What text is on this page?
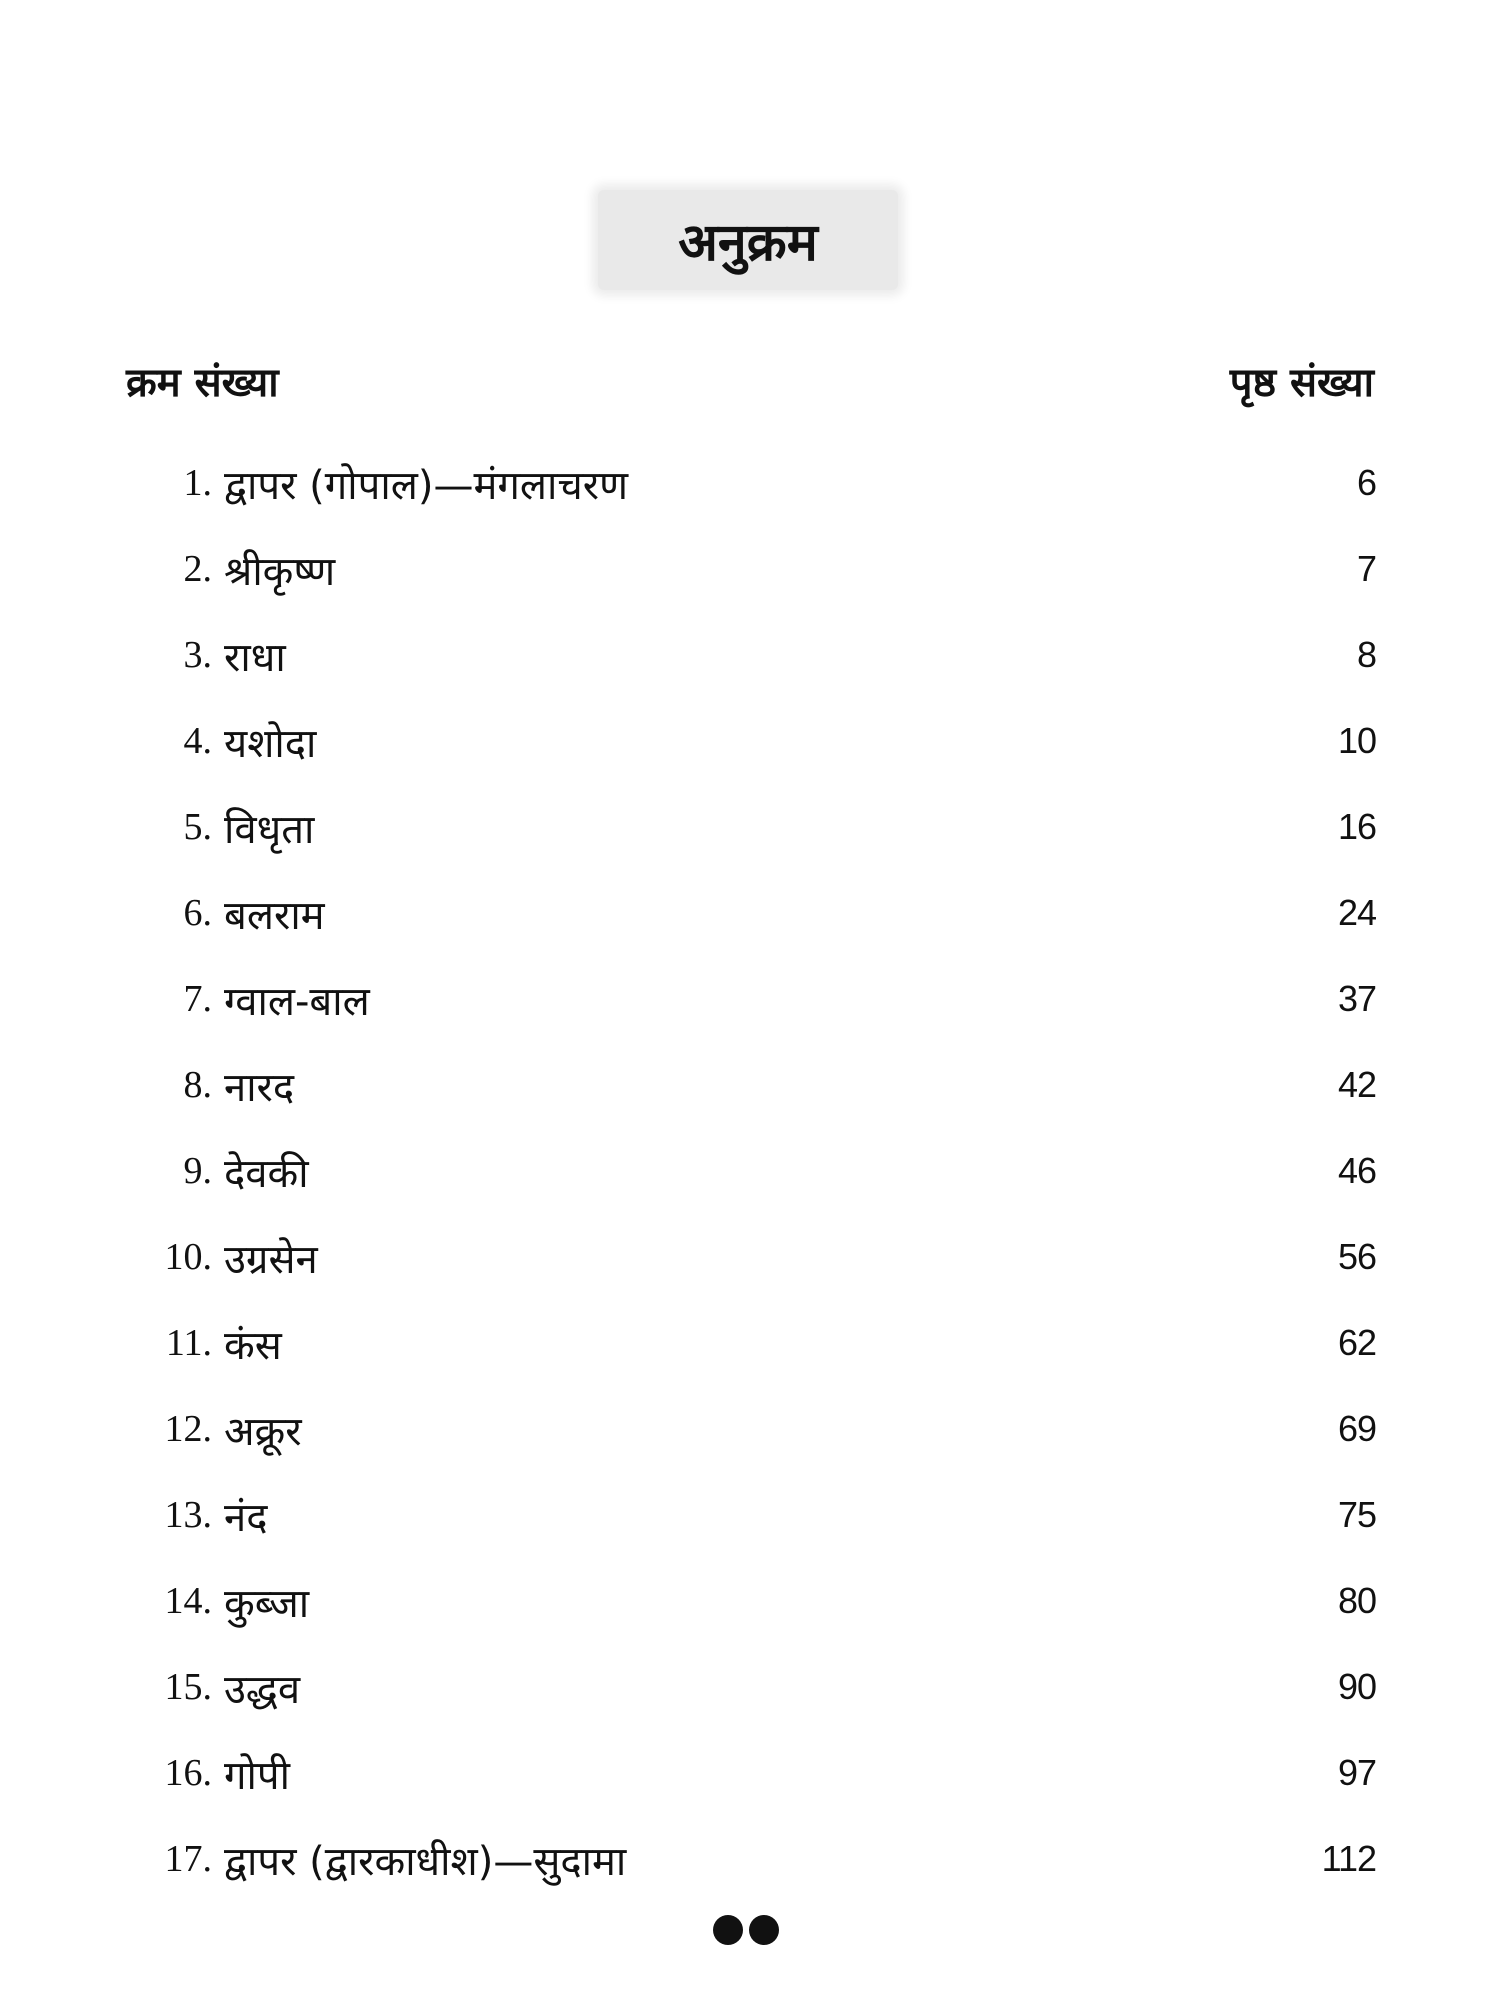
अनुक्रम
क्रम संख्या	पृष्ठ संख्या
1. द्वापर (गोपाल)—मंगलाचरण	6
2. श्रीकृष्ण	7
3. राधा	8
4. यशोदा	10
5. विधृता	16
6. बलराम	24
7. ग्वाल-बाल	37
8. नारद	42
9. देवकी	46
10. उग्रसेन	56
11. कंस	62
12. अक्रूर	69
13. नंद	75
14. कुब्जा	80
15. उद्धव	90
16. गोपी	97
17. द्वापर (द्वारकाधीश)—सुदामा	112
